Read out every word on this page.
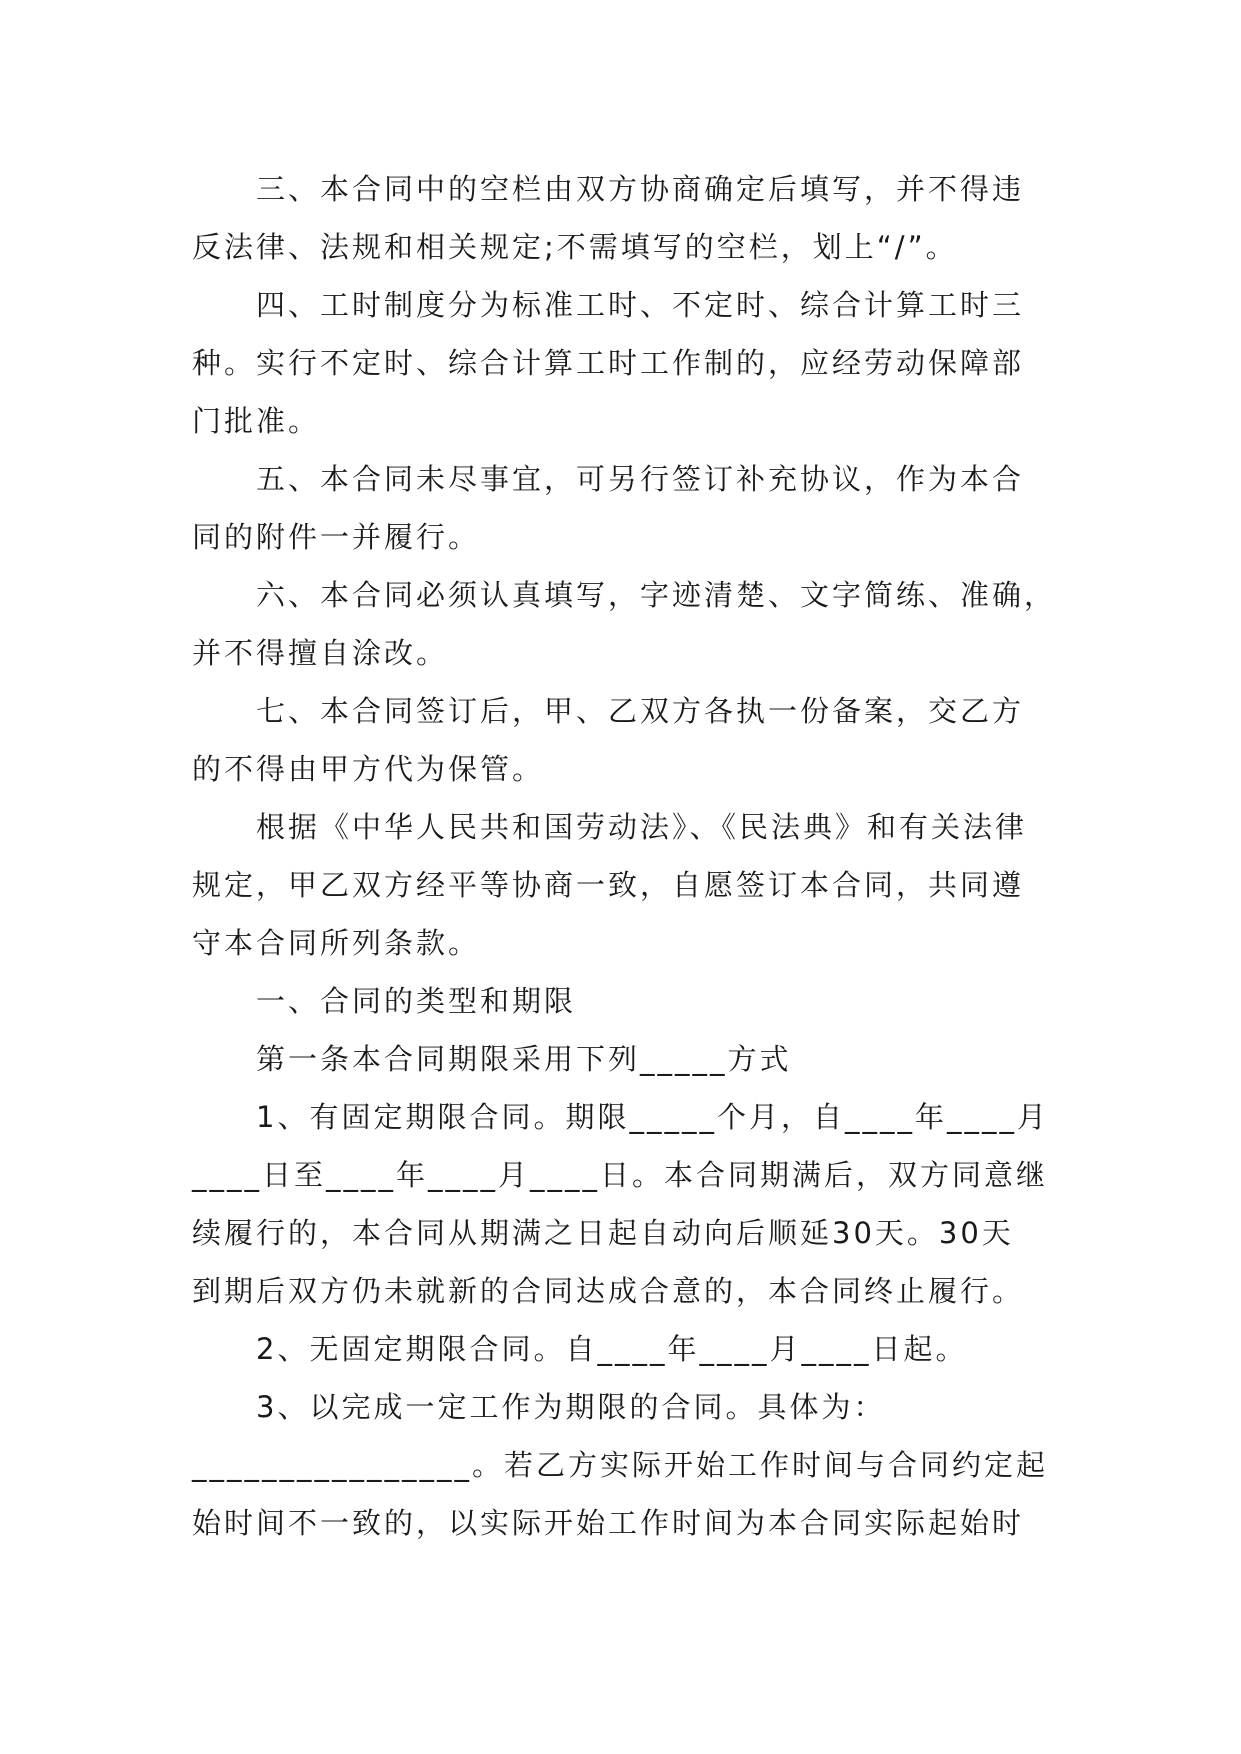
三、本合同中的空栏由双方协商确定后填写，并不得违
反法律、法规和相关规定;不需填写的空栏，划上“/”。
四、工时制度分为标准工时、不定时、综合计算工时三
种。实行不定时、综合计算工时工作制的，应经劳动保障部
门批准。
五、本合同未尽事宜，可另行签订补充协议，作为本合
同的附件一并履行。
六、本合同必须认真填写，字迹清楚、文字简练、准确，
并不得擅自涂改。
七、本合同签订后，甲、乙双方各执一份备案，交乙方
的不得由甲方代为保管。
根据《中华人民共和国劳动法》、《民法典》和有关法律
规定，甲乙双方经平等协商一致，自愿签订本合同，共同遵
守本合同所列条款。
一、合同的类型和期限
第一条本合同期限采用下列_____方式
1、有固定期限合同。期限_____个月，自____年____月
____日至____年____月____日。本合同期满后，双方同意继
续履行的，本合同从期满之日起自动向后顺延30天。30天
到期后双方仍未就新的合同达成合意的，本合同终止履行。
2、无固定期限合同。自____年____月____日起。
3、以完成一定工作为期限的合同。具体为：
________________。若乙方实际开始工作时间与合同约定起
始时间不一致的，以实际开始工作时间为本合同实际起始时
